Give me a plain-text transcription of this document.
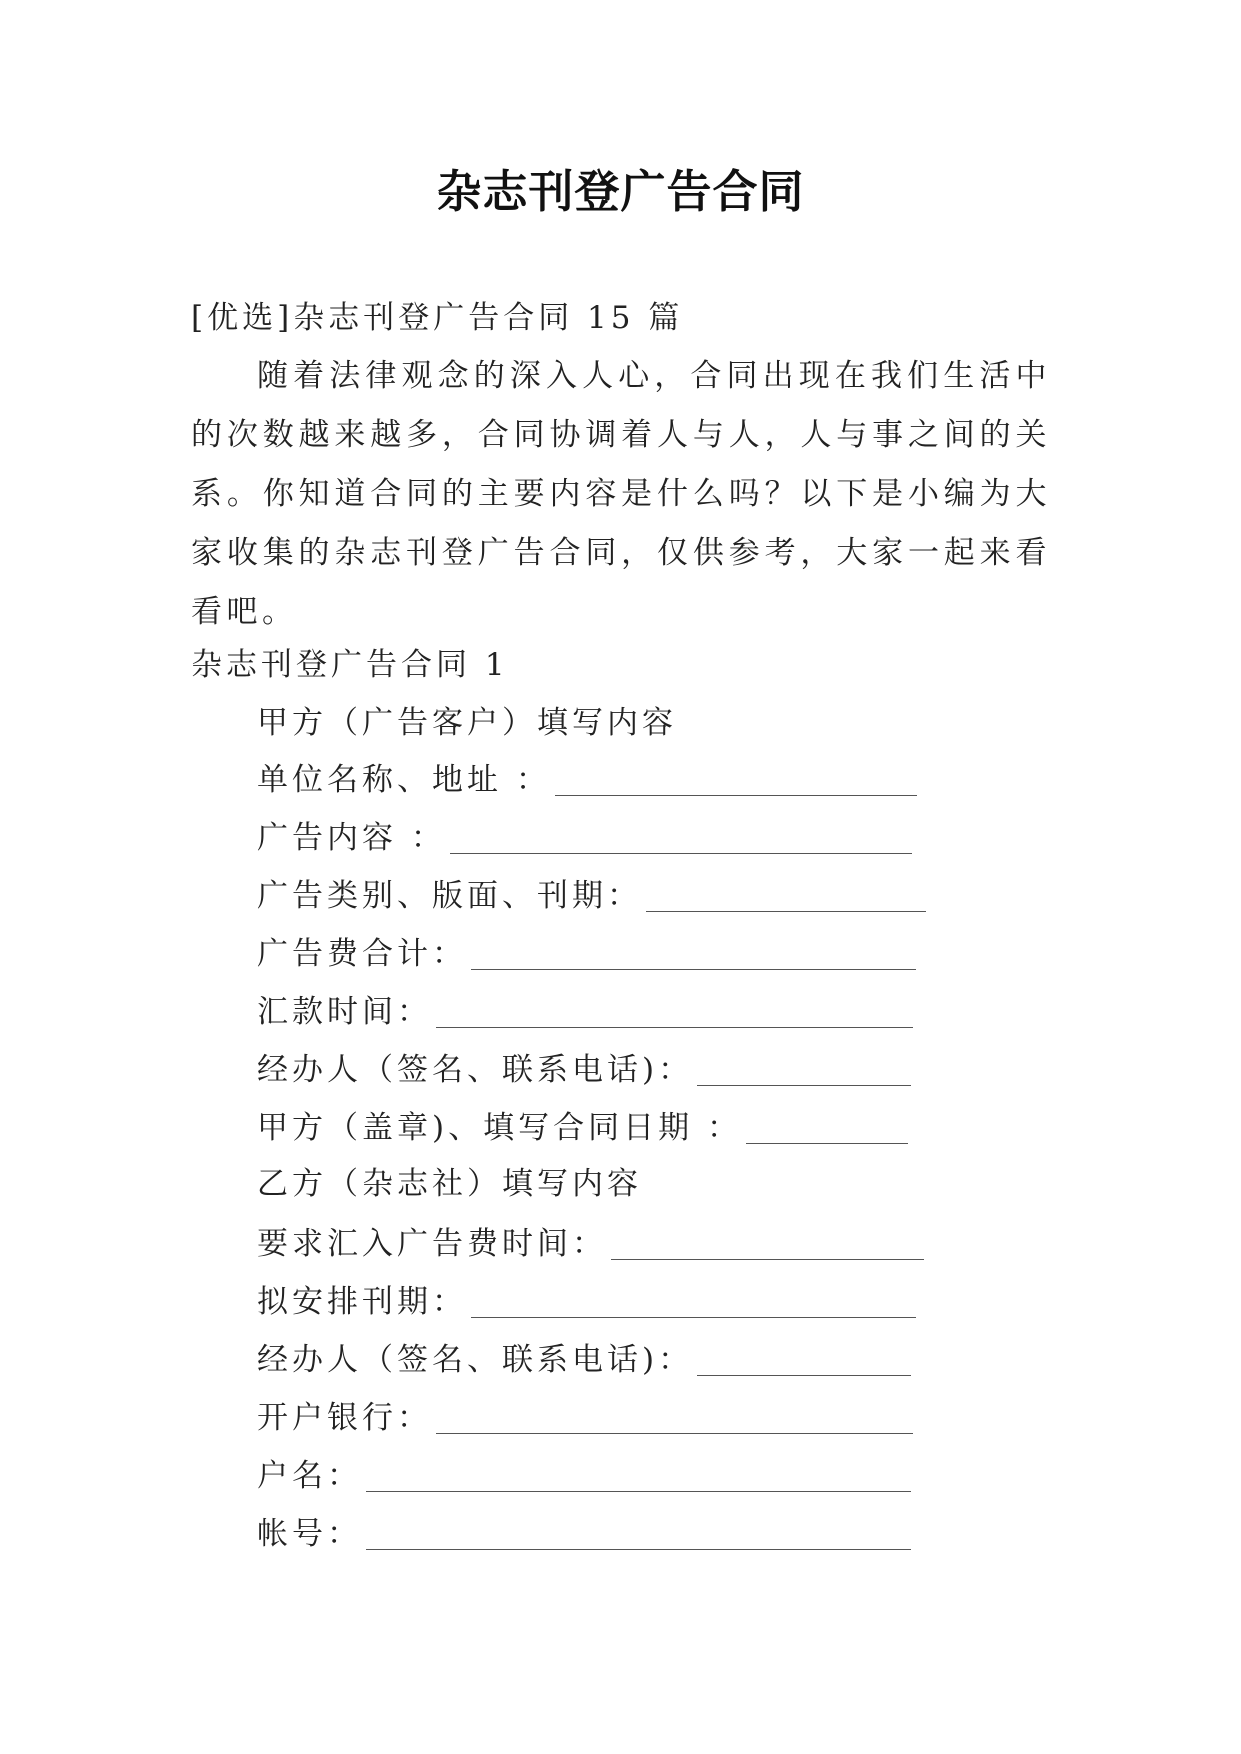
杂志刊登广告合同
[优选]杂志刊登广告合同 15 篇
随着法律观念的深入人心，合同出现在我们生活中的次数越来越多，合同协调着人与人，人与事之间的关系。你知道合同的主要内容是什么吗？以下是小编为大家收集的杂志刊登广告合同，仅供参考，大家一起来看看吧。
杂志刊登广告合同 1
甲方（广告客户）填写内容
单位名称、地址 ：
广告内容 ：
广告类别、版面、刊期：
广告费合计：
汇款时间：
经办人（签名、联系电话)：
甲方（盖章)、填写合同日期 ：
乙方（杂志社）填写内容
要求汇入广告费时间：
拟安排刊期：
经办人（签名、联系电话)：
开户银行：
户名：
帐号：
